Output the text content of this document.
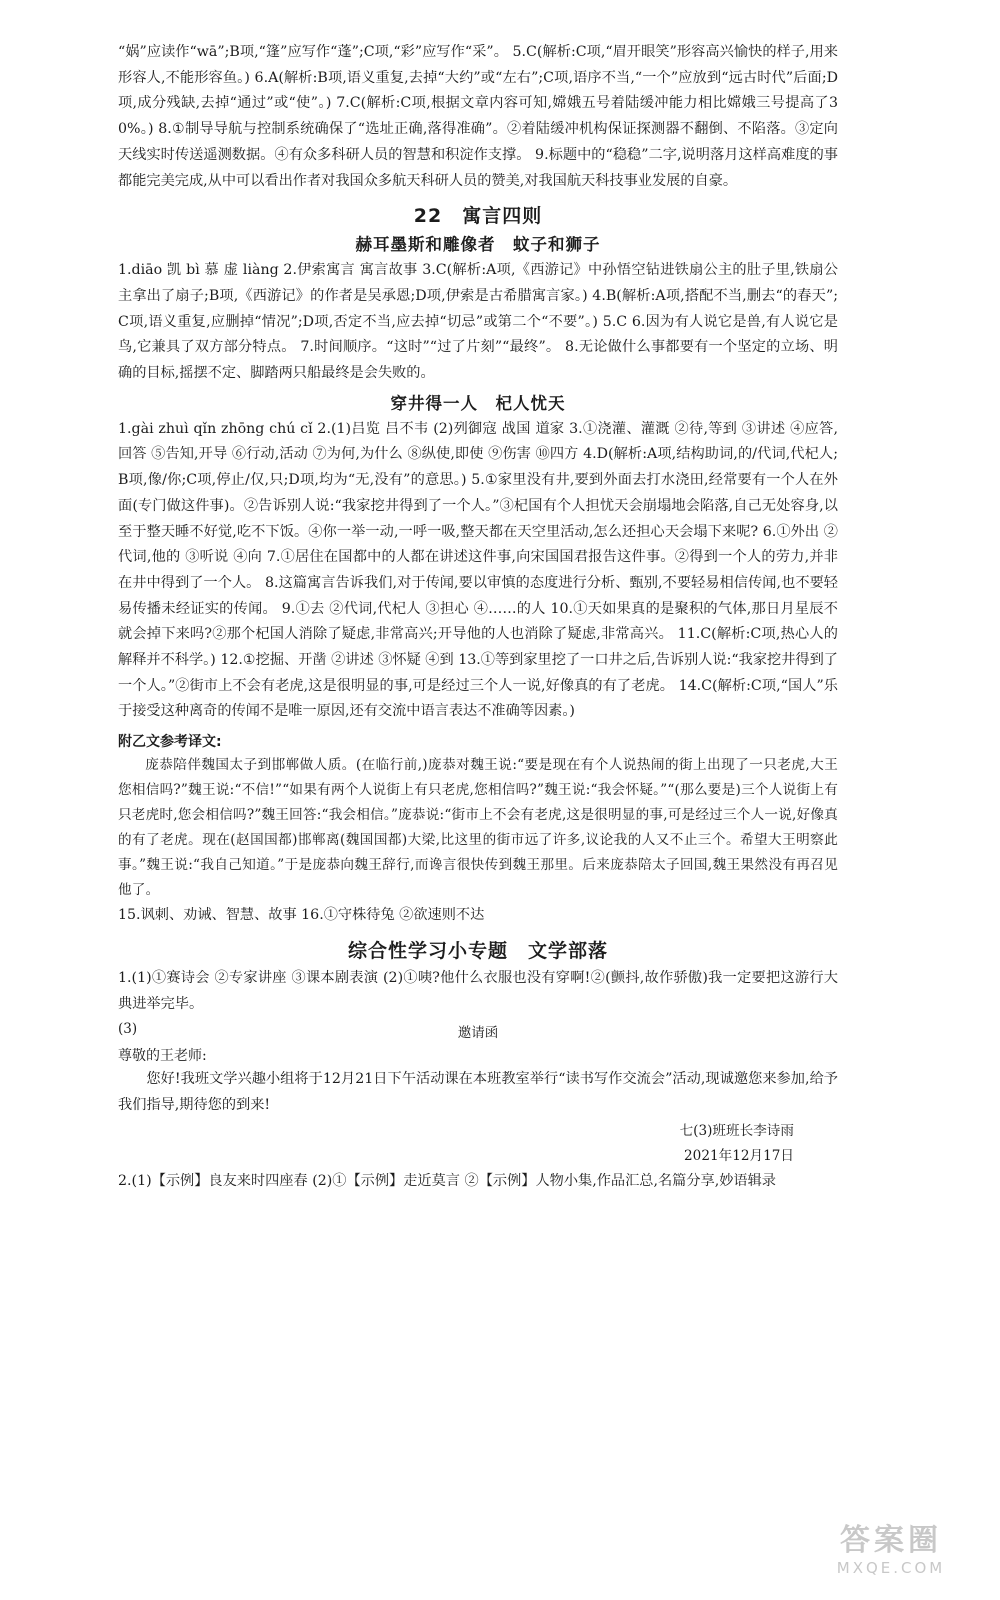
“娲”应读作“wā”;B项,“篷”应写作“蓬”;C项,“彩”应写作“采”。 5.C(解析:C项,“眉开眼笑”形容高兴愉快的样子,用来形容人,不能形容鱼。) 6.A(解析:B项,语义重复,去掉“大约”或“左右”;C项,语序不当,“一个”应放到“远古时代”后面;D项,成分残缺,去掉“通过”或“使”。) 7.C(解析:C项,根据文章内容可知,嫦娥五号着陆缓冲能力相比嫦娥三号提高了30%。) 8.①制导导航与控制系统确保了“选址正确,落得准确”。②着陆缓冲机构保证探测器不翻倒、不陷落。③定向天线实时传送遥测数据。④有众多科研人员的智慧和积淀作支撑。 9.标题中的“稳稳”二字,说明落月这样高难度的事都能完美完成,从中可以看出作者对我国众多航天科研人员的赞美,对我国航天科技事业发展的自豪。

22　寓言四则
赫耳墨斯和雕像者　蚊子和狮子

1.diāo 凯 bì 慕 虚 liàng 2.伊索寓言 寓言故事 3.C(解析:A项,《西游记》中孙悟空钻进铁扇公主的肚子里,铁扇公主拿出了扇子;B项,《西游记》的作者是吴承恩;D项,伊索是古希腊寓言家。) 4.B(解析:A项,搭配不当,删去“的春天”;C项,语义重复,应删掉“情况”;D项,否定不当,应去掉“切忌”或第二个“不要”。) 5.C 6.因为有人说它是兽,有人说它是鸟,它兼具了双方部分特点。 7.时间顺序。“这时”“过了片刻”“最终”。 8.无论做什么事都要有一个坚定的立场、明确的目标,摇摆不定、脚踏两只船最终是会失败的。

穿井得一人　杞人忧天

1.gài zhuì qǐn zhōng chú cǐ 2.(1)吕览 吕不韦 (2)列御寇 战国 道家 3.①浇灌、灌溉 ②待,等到 ③讲述 ④应答,回答 ⑤告知,开导 ⑥行动,活动 ⑦为何,为什么 ⑧纵使,即使 ⑨伤害 ⑩四方 4.D(解析:A项,结构助词,的/代词,代杞人;B项,像/你;C项,停止/仅,只;D项,均为“无,没有”的意思。) 5.①家里没有井,要到外面去打水浇田,经常要有一个人在外面(专门做这件事)。②告诉别人说:“我家挖井得到了一个人。”③杞国有个人担忧天会崩塌地会陷落,自己无处容身,以至于整天睡不好觉,吃不下饭。④你一举一动,一呼一吸,整天都在天空里活动,怎么还担心天会塌下来呢? 6.①外出 ②代词,他的 ③听说 ④向 7.①居住在国都中的人都在讲述这件事,向宋国国君报告这件事。②得到一个人的劳力,并非在井中得到了一个人。 8.这篇寓言告诉我们,对于传闻,要以审慎的态度进行分析、甄别,不要轻易相信传闻,也不要轻易传播未经证实的传闻。 9.①去 ②代词,代杞人 ③担心 ④……的人 10.①天如果真的是聚积的气体,那日月星辰不就会掉下来吗?②那个杞国人消除了疑虑,非常高兴;开导他的人也消除了疑虑,非常高兴。 11.C(解析:C项,热心人的解释并不科学。) 12.①挖掘、开凿 ②讲述 ③怀疑 ④到 13.①等到家里挖了一口井之后,告诉别人说:“我家挖井得到了一个人。”②街市上不会有老虎,这是很明显的事,可是经过三个人一说,好像真的有了老虎。 14.C(解析:C项,“国人”乐于接受这种离奇的传闻不是唯一原因,还有交流中语言表达不准确等因素。)

附乙文参考译文:

庞恭陪伴魏国太子到邯郸做人质。(在临行前,)庞恭对魏王说:“要是现在有个人说热闹的街上出现了一只老虎,大王您相信吗?”魏王说:“不信!”“如果有两个人说街上有只老虎,您相信吗?”魏王说:“我会怀疑。”“(那么要是)三个人说街上有只老虎时,您会相信吗?”魏王回答:“我会相信。”庞恭说:“街市上不会有老虎,这是很明显的事,可是经过三个人一说,好像真的有了老虎。现在(赵国国都)邯郸离(魏国国都)大梁,比这里的街市远了许多,议论我的人又不止三个。希望大王明察此事。”魏王说:“我自己知道。”于是庞恭向魏王辞行,而谗言很快传到魏王那里。后来庞恭陪太子回国,魏王果然没有再召见他了。

15.讽刺、劝诫、智慧、故事 16.①守株待兔 ②欲速则不达

综合性学习小专题　文学部落

1.(1)①赛诗会 ②专家讲座 ③课本剧表演 (2)①咦?他什么衣服也没有穿啊!②(颤抖,故作骄傲)我一定要把这游行大典进举完毕。

(3)	邀请函
尊敬的王老师:

您好!我班文学兴趣小组将于12月21日下午活动课在本班教室举行“读书写作交流会”活动,现诚邀您来参加,给予我们指导,期待您的到来!

七(3)班班长李诗雨

2021年12月17日

2.(1)【示例】良友来时四座春 (2)①【示例】走近莫言 ②【示例】人物小集,作品汇总,名篇分享,妙语辑录

答案圈
MXQE.COM
